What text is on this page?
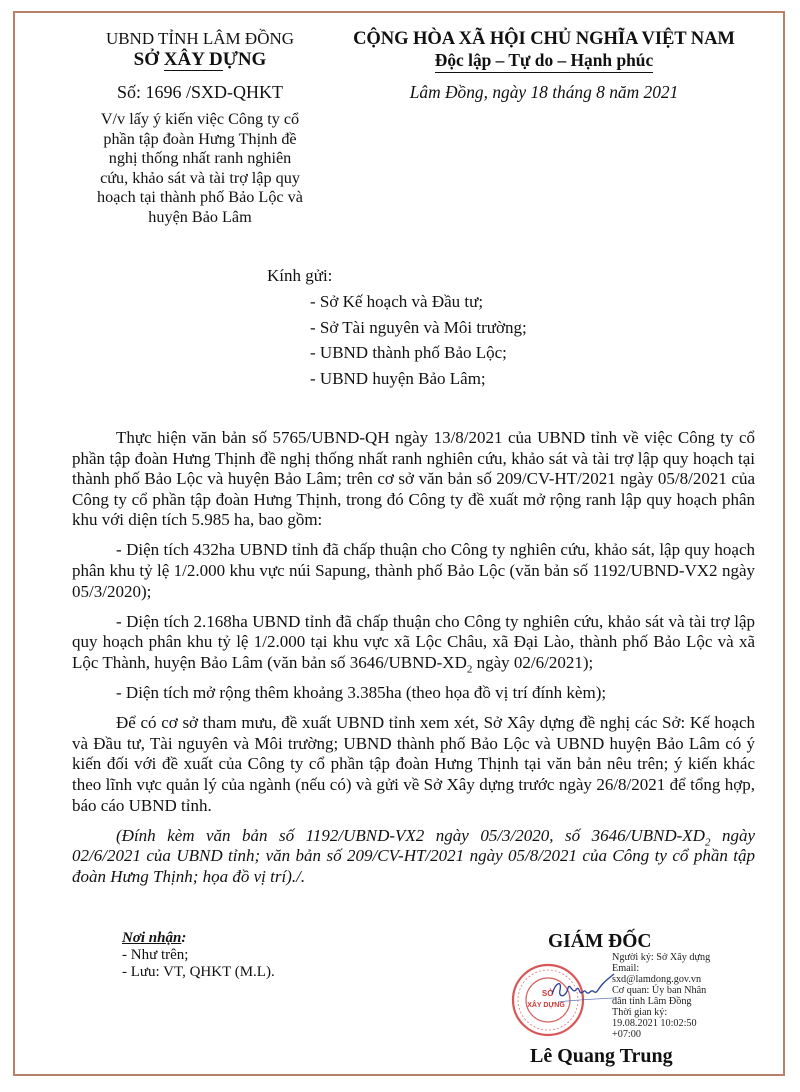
UBND TỈNH LÂM ĐỒNG
SỞ XÂY DỰNG
Số: 1696 /SXD-QHKT
V/v lấy ý kiến việc Công ty cổ
phần tập đoàn Hưng Thịnh đề
nghị thống nhất ranh nghiên
cứu, khảo sát và tài trợ lập quy
hoạch tại thành phố Bảo Lộc và
huyện Bảo Lâm
CỘNG HÒA XÃ HỘI CHỦ NGHĨA VIỆT NAM
Độc lập – Tự do – Hạnh phúc
Lâm Đồng, ngày 18 tháng 8 năm 2021
Kính gửi:
- Sở Kế hoạch và Đầu tư;
- Sở Tài nguyên và Môi trường;
- UBND thành phố Bảo Lộc;
- UBND huyện Bảo Lâm;

Thực hiện văn bản số 5765/UBND-QH ngày 13/8/2021 của UBND tỉnh về việc Công ty cổ phần tập đoàn Hưng Thịnh đề nghị thống nhất ranh nghiên cứu, khảo sát và tài trợ lập quy hoạch tại thành phố Bảo Lộc và huyện Bảo Lâm; trên cơ sở văn bản số 209/CV-HT/2021 ngày 05/8/2021 của Công ty cổ phần tập đoàn Hưng Thịnh, trong đó Công ty đề xuất mở rộng ranh lập quy hoạch phân khu với diện tích 5.985 ha, bao gồm:

- Diện tích 432ha UBND tỉnh đã chấp thuận cho Công ty nghiên cứu, khảo sát, lập quy hoạch phân khu tỷ lệ 1/2.000 khu vực núi Sapung, thành phố Bảo Lộc (văn bản số 1192/UBND-VX2 ngày 05/3/2020);

- Diện tích 2.168ha UBND tỉnh đã chấp thuận cho Công ty nghiên cứu, khảo sát và tài trợ lập quy hoạch phân khu tỷ lệ 1/2.000 tại khu vực xã Lộc Châu, xã Đại Lào, thành phố Bảo Lộc và xã Lộc Thành, huyện Bảo Lâm (văn bản số $3646/UBND-XD_2$ ngày 02/6/2021);

- Diện tích mở rộng thêm khoảng 3.385ha (theo họa đồ vị trí đính kèm);

Để có cơ sở tham mưu, đề xuất UBND tỉnh xem xét, Sở Xây dựng đề nghị các Sở: Kế hoạch và Đầu tư, Tài nguyên và Môi trường; UBND thành phố Bảo Lộc và UBND huyện Bảo Lâm có ý kiến đối với đề xuất của Công ty cổ phần tập đoàn Hưng Thịnh tại văn bản nêu trên; ý kiến khác theo lĩnh vực quản lý của ngành (nếu có) và gửi về Sở Xây dựng trước ngày 26/8/2021 để tổng hợp, báo cáo UBND tỉnh.

(Đính kèm văn bản số 1192/UBND-VX2 ngày 05/3/2020, số $3646/UBND-XD_2$ ngày 02/6/2021 của UBND tỉnh; văn bản số 209/CV-HT/2021 ngày 05/8/2021 của Công ty cổ phần tập đoàn Hưng Thịnh; họa đồ vị trí)./.

Nơi nhận:
- Như trên;
- Lưu: VT, QHKT (M.L).
GIÁM ĐỐC
SỞ
XÂY DỰNG
Người ký: Sở Xây dựng
Email:
sxd@lamdong.gov.vn
Cơ quan: Ủy ban Nhân
dân tỉnh Lâm Đồng
Thời gian ký:
19.08.2021 10:02:50
+07:00
Lê Quang Trung
